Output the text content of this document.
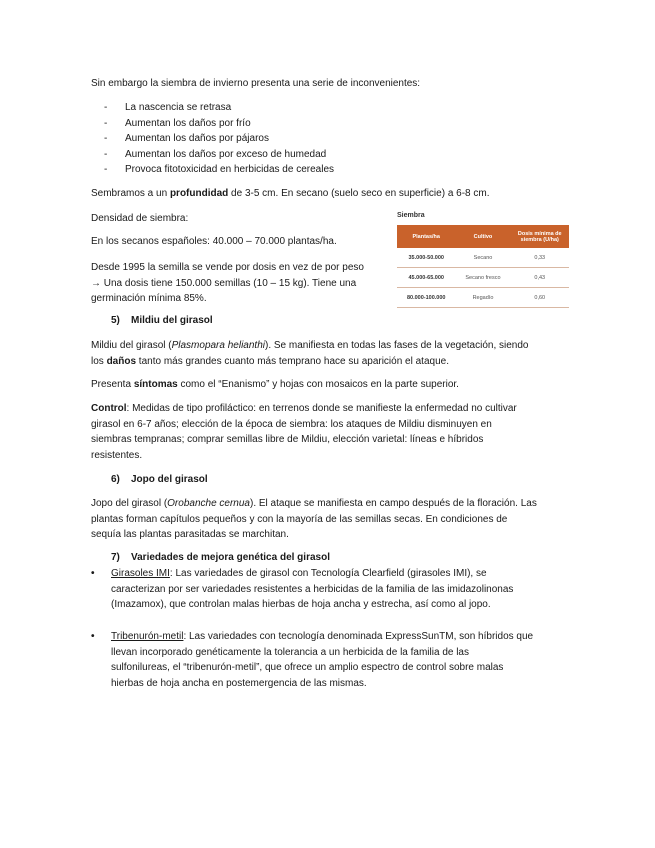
Sin embargo la siembra de invierno presenta una serie de inconvenientes:

- La nascencia se retrasa
- Aumentan los daños por frío
- Aumentan los daños por pájaros
- Aumentan los daños por exceso de humedad
- Provoca fitotoxicidad en herbicidas de cereales

Sembramos a un profundidad de 3-5 cm. En secano (suelo seco en superficie) a 6-8 cm.

Densidad de siembra:

En los secanos españoles: 40.000 – 70.000 plantas/ha.

Desde 1995 la semilla se vende por dosis en vez de por peso
→ Una dosis tiene 150.000 semillas (10 – 15 kg). Tiene una
germinación mínima 85%.
Siembra
Plantas/ha	Cultivo	Dosis mínima de siembra (U/ha)
35.000-50.000	Secano	0,33
45.000-65.000	Secano fresco	0,43
80.000-100.000	Regadío	0,60
5) Mildiu del girasol
Mildiu del girasol (Plasmopara helianthi). Se manifiesta en todas las fases de la vegetación, siendo
los daños tanto más grandes cuanto más temprano hace su aparición el ataque.

Presenta síntomas como el “Enanismo” y hojas con mosaicos en la parte superior.

Control: Medidas de tipo profiláctico: en terrenos donde se manifieste la enfermedad no cultivar
girasol en 6-7 años; elección de la época de siembra: los ataques de Mildiu disminuyen en
siembras tempranas; comprar semillas libre de Mildiu, elección varietal: líneas e híbridos
resistentes.
6) Jopo del girasol
Jopo del girasol (Orobanche cernua). El ataque se manifiesta en campo después de la floración. Las
plantas forman capítulos pequeños y con la mayoría de las semillas secas. En condiciones de
sequía las plantas parasitadas se marchitan.
7) Variedades de mejora genética del girasol
• Girasoles IMI: Las variedades de girasol con Tecnología Clearfield (girasoles IMI), se
caracterizan por ser variedades resistentes a herbicidas de la familia de las imidazolinonas
(Imazamox), que controlan malas hierbas de hoja ancha y estrecha, así como al jopo.
• Tribenurón-metil: Las variedades con tecnología denominada ExpressSunTM, son híbridos que
llevan incorporado genéticamente la tolerancia a un herbicida de la familia de las
sulfonilureas, el “tribenurón-metil”, que ofrece un amplio espectro de control sobre malas
hierbas de hoja ancha en postemergencia de las mismas.
